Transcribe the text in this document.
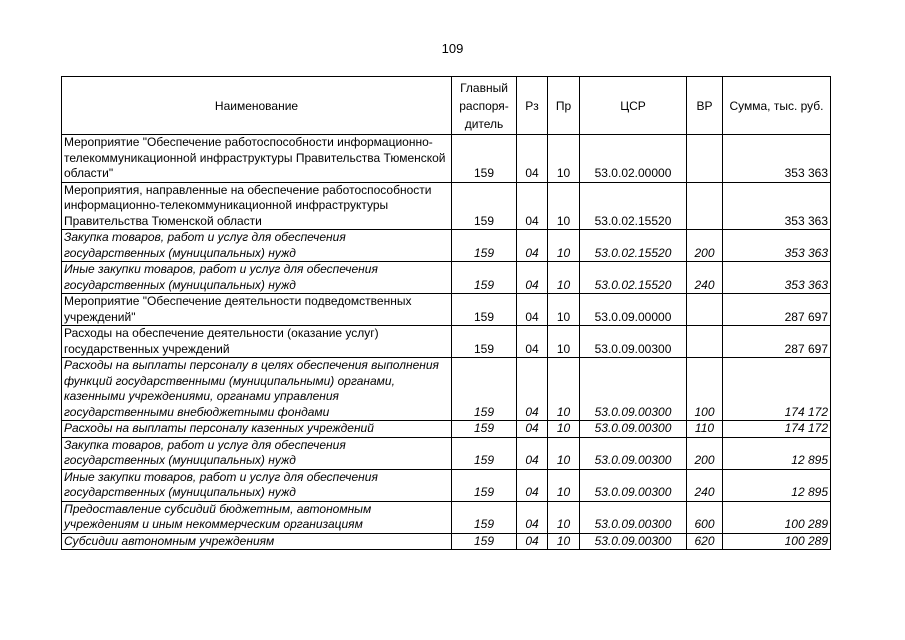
109
Наименование	Главный распоря-дитель	Рз	Пр	ЦСР	ВР	Сумма, тыс. руб.
Мероприятие "Обеспечение работоспособности информационно-телекоммуникационной инфраструктуры Правительства Тюменской области"	159	04	10	53.0.02.00000		353 363
Мероприятия, направленные на обеспечение работоспособности информационно-телекоммуникационной инфраструктуры Правительства Тюменской области	159	04	10	53.0.02.15520		353 363
Закупка товаров, работ и услуг для обеспечения государственных (муниципальных) нужд	159	04	10	53.0.02.15520	200	353 363
Иные закупки товаров, работ и услуг для обеспечения государственных (муниципальных) нужд	159	04	10	53.0.02.15520	240	353 363
Мероприятие "Обеспечение деятельности подведомственных учреждений"	159	04	10	53.0.09.00000		287 697
Расходы на обеспечение деятельности (оказание услуг) государственных учреждений	159	04	10	53.0.09.00300		287 697
Расходы на выплаты персоналу в целях обеспечения выполнения функций государственными (муниципальными) органами, казенными учреждениями, органами управления государственными внебюджетными фондами	159	04	10	53.0.09.00300	100	174 172
Расходы на выплаты персоналу казенных учреждений	159	04	10	53.0.09.00300	110	174 172
Закупка товаров, работ и услуг для обеспечения государственных (муниципальных) нужд	159	04	10	53.0.09.00300	200	12 895
Иные закупки товаров, работ и услуг для обеспечения государственных (муниципальных) нужд	159	04	10	53.0.09.00300	240	12 895
Предоставление субсидий бюджетным, автономным учреждениям и иным некоммерческим организациям	159	04	10	53.0.09.00300	600	100 289
Субсидии автономным учреждениям	159	04	10	53.0.09.00300	620	100 289
